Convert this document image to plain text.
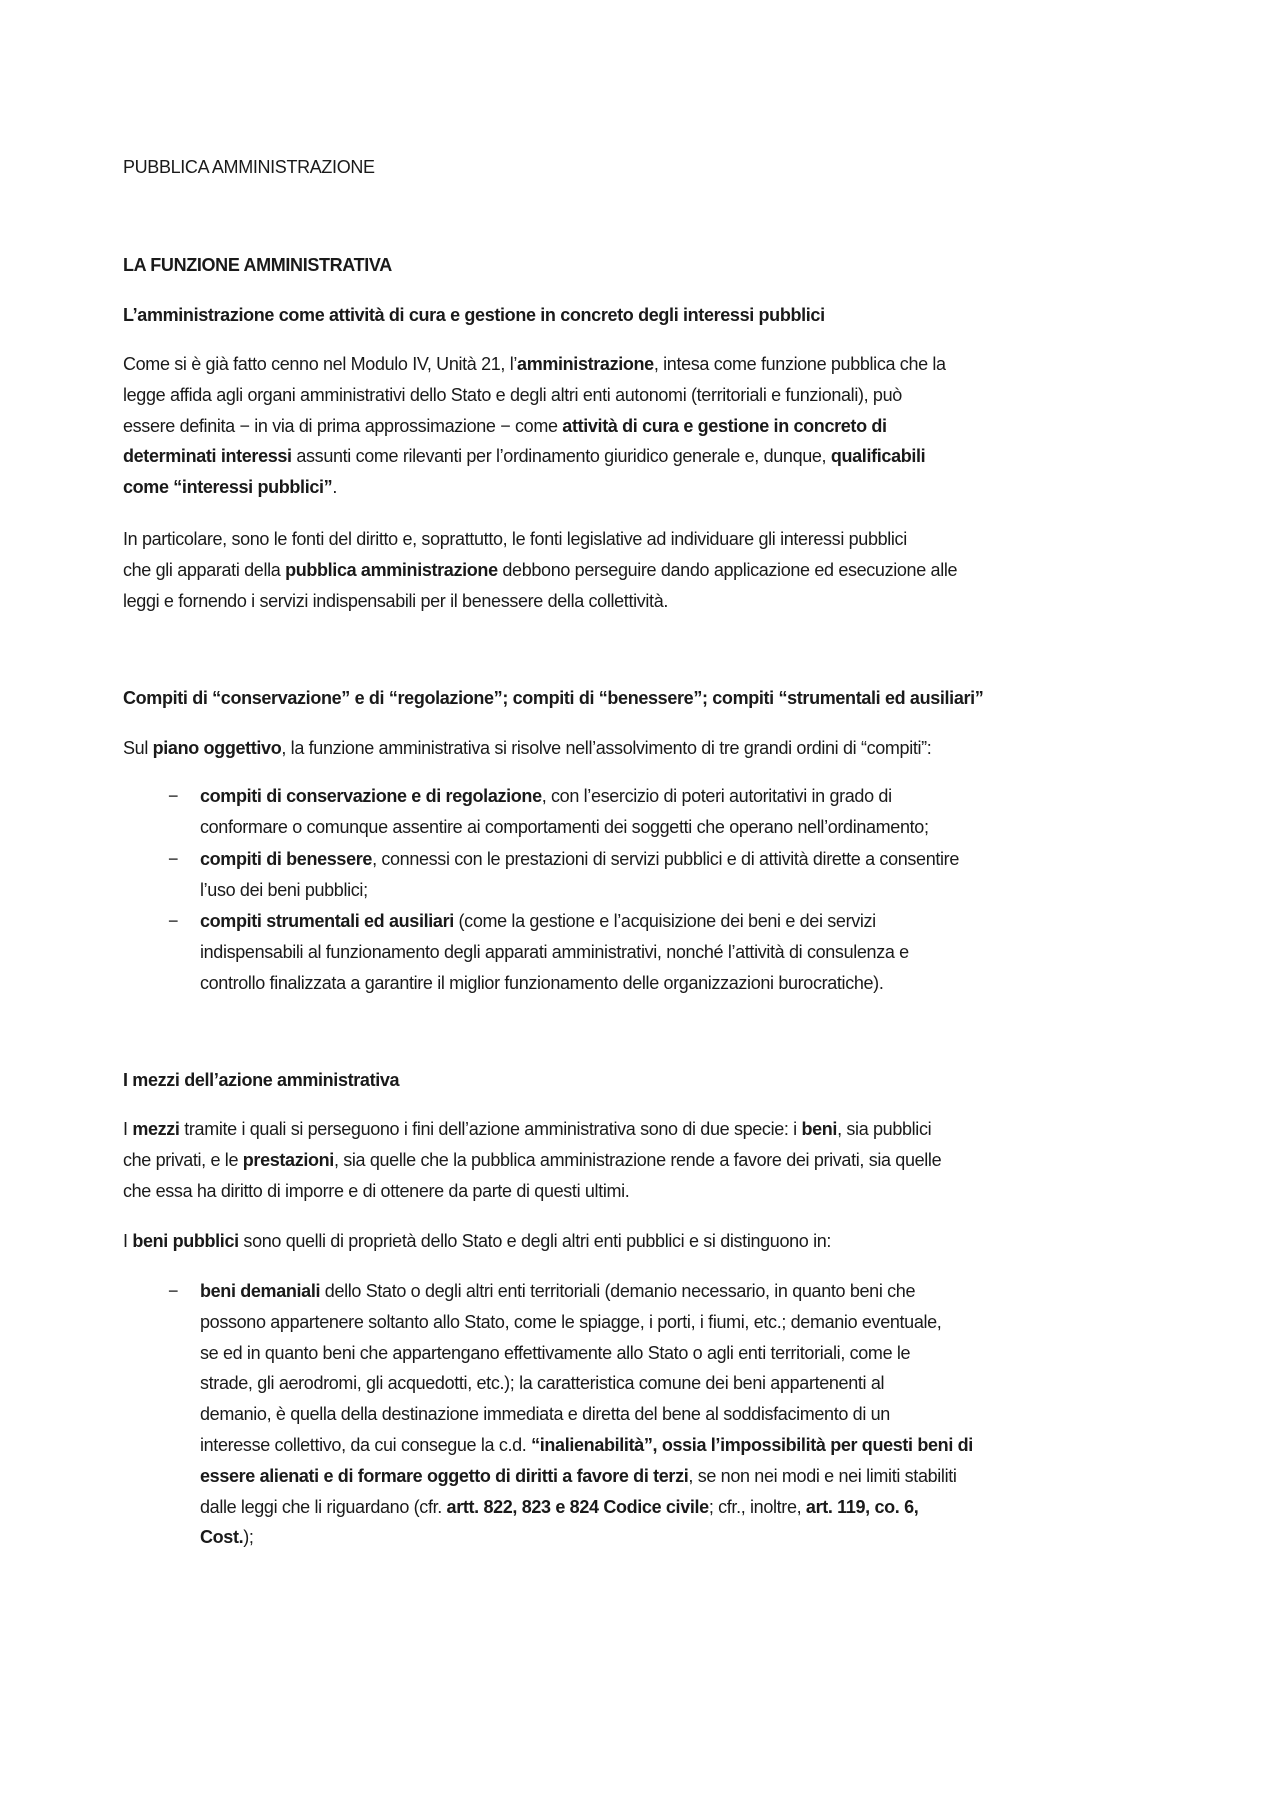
PUBBLICA AMMINISTRAZIONE
LA FUNZIONE AMMINISTRATIVA
L’amministrazione come attività di cura e gestione in concreto degli interessi pubblici
Come si è già fatto cenno nel Modulo IV, Unità 21, l’amministrazione, intesa come funzione pubblica che la
legge affida agli organi amministrativi dello Stato e degli altri enti autonomi (territoriali e funzionali), può
essere definita − in via di prima approssimazione − come attività di cura e gestione in concreto di
determinati interessi assunti come rilevanti per l’ordinamento giuridico generale e, dunque, qualificabili
come “interessi pubblici”.
In particolare, sono le fonti del diritto e, soprattutto, le fonti legislative ad individuare gli interessi pubblici
che gli apparati della pubblica amministrazione debbono perseguire dando applicazione ed esecuzione alle
leggi e fornendo i servizi indispensabili per il benessere della collettività.
Compiti di “conservazione” e di “regolazione”; compiti di “benessere”; compiti “strumentali ed ausiliari”
Sul piano oggettivo, la funzione amministrativa si risolve nell’assolvimento di tre grandi ordini di “compiti”:
− compiti di conservazione e di regolazione, con l’esercizio di poteri autoritativi in grado di
conformare o comunque assentire ai comportamenti dei soggetti che operano nell’ordinamento;
− compiti di benessere, connessi con le prestazioni di servizi pubblici e di attività dirette a consentire
l’uso dei beni pubblici;
− compiti strumentali ed ausiliari (come la gestione e l’acquisizione dei beni e dei servizi
indispensabili al funzionamento degli apparati amministrativi, nonché l’attività di consulenza e
controllo finalizzata a garantire il miglior funzionamento delle organizzazioni burocratiche).
I mezzi dell’azione amministrativa
I mezzi tramite i quali si perseguono i fini dell’azione amministrativa sono di due specie: i beni, sia pubblici
che privati, e le prestazioni, sia quelle che la pubblica amministrazione rende a favore dei privati, sia quelle
che essa ha diritto di imporre e di ottenere da parte di questi ultimi.
I beni pubblici sono quelli di proprietà dello Stato e degli altri enti pubblici e si distinguono in:
− beni demaniali dello Stato o degli altri enti territoriali (demanio necessario, in quanto beni che
possono appartenere soltanto allo Stato, come le spiagge, i porti, i fiumi, etc.; demanio eventuale,
se ed in quanto beni che appartengano effettivamente allo Stato o agli enti territoriali, come le
strade, gli aerodromi, gli acquedotti, etc.); la caratteristica comune dei beni appartenenti al
demanio, è quella della destinazione immediata e diretta del bene al soddisfacimento di un
interesse collettivo, da cui consegue la c.d. “inalienabilità”, ossia l’impossibilità per questi beni di
essere alienati e di formare oggetto di diritti a favore di terzi, se non nei modi e nei limiti stabiliti
dalle leggi che li riguardano (cfr. artt. 822, 823 e 824 Codice civile; cfr., inoltre, art. 119, co. 6,
Cost.);
